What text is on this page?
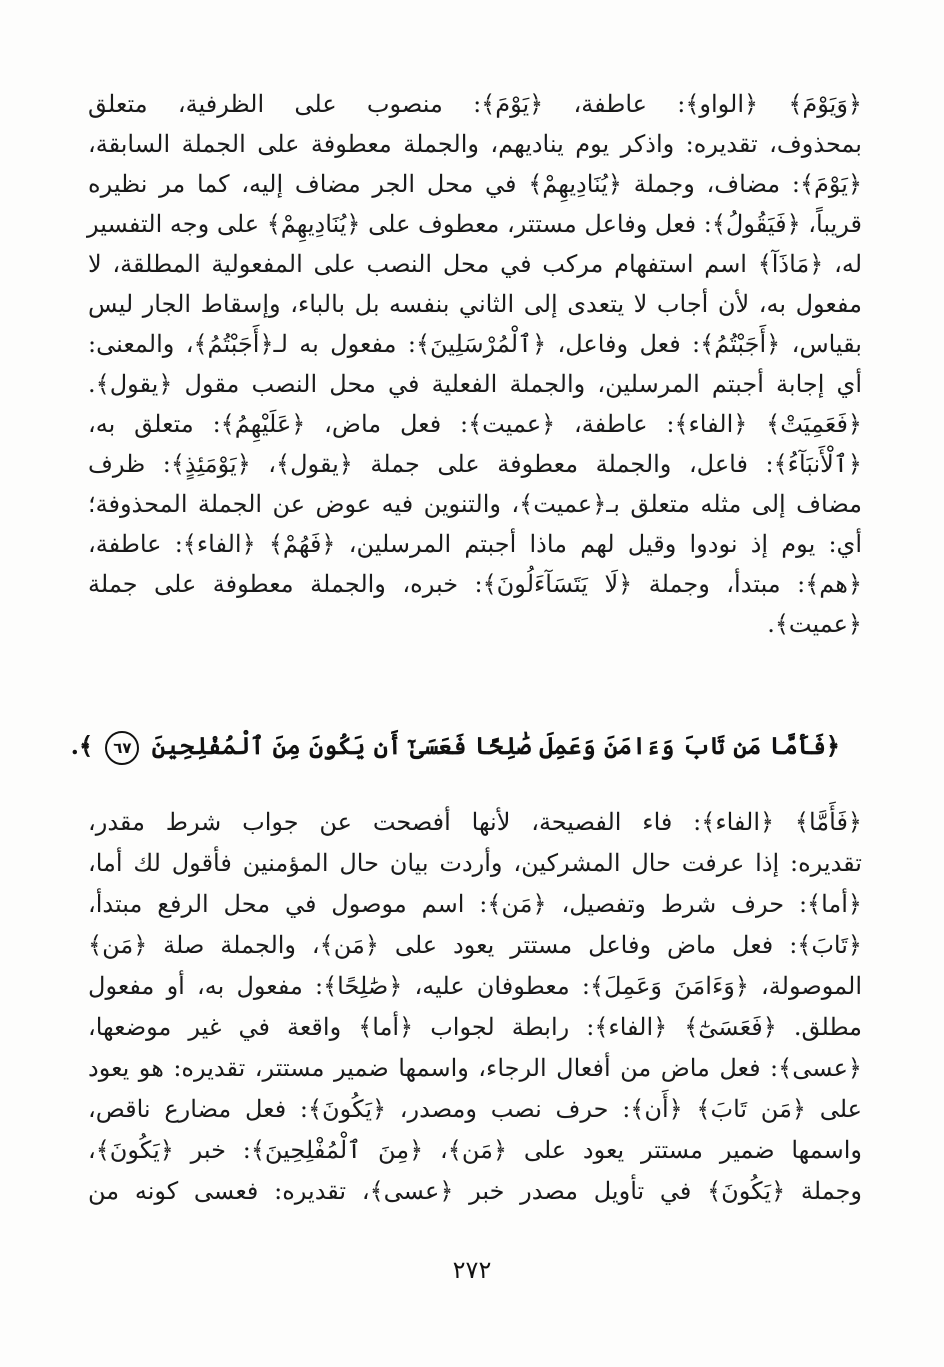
﴿وَيَوْمَ﴾ ﴿الواو﴾: عاطفة، ﴿يَوْمَ﴾: منصوب على الظرفية، متعلق
بمحذوف، تقديره: واذكر يوم يناديهم، والجملة معطوفة على الجملة السابقة،
﴿يَوْمَ﴾: مضاف، وجملة ﴿يُنَادِيهِمْ﴾ في محل الجر مضاف إليه، كما مر نظيره
قريباً، ﴿فَيَقُولُ﴾: فعل وفاعل مستتر، معطوف على ﴿يُنَادِيهِمْ﴾ على وجه التفسير
له، ﴿مَاذَآ﴾ اسم استفهام مركب في محل النصب على المفعولية المطلقة، لا
مفعول به، لأن أجاب لا يتعدى إلى الثاني بنفسه بل بالباء، وإسقاط الجار ليس
بقياس، ﴿أَجَبْتُمُ﴾: فعل وفاعل، ﴿ٱلْمُرْسَلِينَ﴾: مفعول به لـ﴿أَجَبْتُمُ﴾، والمعنى:
أي إجابة أجبتم المرسلين، والجملة الفعلية في محل النصب مقول ﴿يقول﴾.
﴿فَعَمِيَتْ﴾ ﴿الفاء﴾: عاطفة، ﴿عميت﴾: فعل ماض، ﴿عَلَيْهِمُ﴾: متعلق به،
﴿ٱلْأَنبَآءُ﴾: فاعل، والجملة معطوفة على جملة ﴿يقول﴾، ﴿يَوْمَئِذٍ﴾: ظرف
مضاف إلى مثله متعلق بـ﴿عميت﴾، والتنوين فيه عوض عن الجملة المحذوفة؛
أي: يوم إذ نودوا وقيل لهم ماذا أجبتم المرسلين، ﴿فَهُمْ﴾ ﴿الفاء﴾: عاطفة،
﴿هم﴾: مبتدأ، وجملة ﴿لَا يَتَسَآءَلُونَ﴾: خبره، والجملة معطوفة على جملة
﴿عميت﴾.
﴿فَأَمَّا مَن تَابَ وَءَامَنَ وَعَمِلَ صَٰلِحًا فَعَسَىٰٓ أَن يَكُونَ مِنَ ٱلْمُفْلِحِينَ ٦٧ ﴾.
﴿فَأَمَّا﴾ ﴿الفاء﴾: فاء الفصيحة، لأنها أفصحت عن جواب شرط مقدر،
تقديره: إذا عرفت حال المشركين، وأردت بيان حال المؤمنين فأقول لك أما،
﴿أما﴾: حرف شرط وتفصيل، ﴿مَن﴾: اسم موصول في محل الرفع مبتدأ،
﴿تَابَ﴾: فعل ماض وفاعل مستتر يعود على ﴿مَن﴾، والجملة صلة ﴿مَن﴾
الموصولة، ﴿وَءَامَنَ وَعَمِلَ﴾: معطوفان عليه، ﴿صَٰلِحًا﴾: مفعول به، أو مفعول
مطلق. ﴿فَعَسَىٰٓ﴾ ﴿الفاء﴾: رابطة لجواب ﴿أما﴾ واقعة في غير موضعها،
﴿عسى﴾: فعل ماض من أفعال الرجاء، واسمها ضمير مستتر، تقديره: هو يعود
على ﴿مَن تَابَ﴾ ﴿أَن﴾: حرف نصب ومصدر، ﴿يَكُونَ﴾: فعل مضارع ناقص،
واسمها ضمير مستتر يعود على ﴿مَن﴾، ﴿مِنَ ٱلْمُفْلِحِينَ﴾: خبر ﴿يَكُونَ﴾،
وجملة ﴿يَكُونَ﴾ في تأويل مصدر خبر ﴿عسى﴾، تقديره: فعسى كونه من
٢٧٢
